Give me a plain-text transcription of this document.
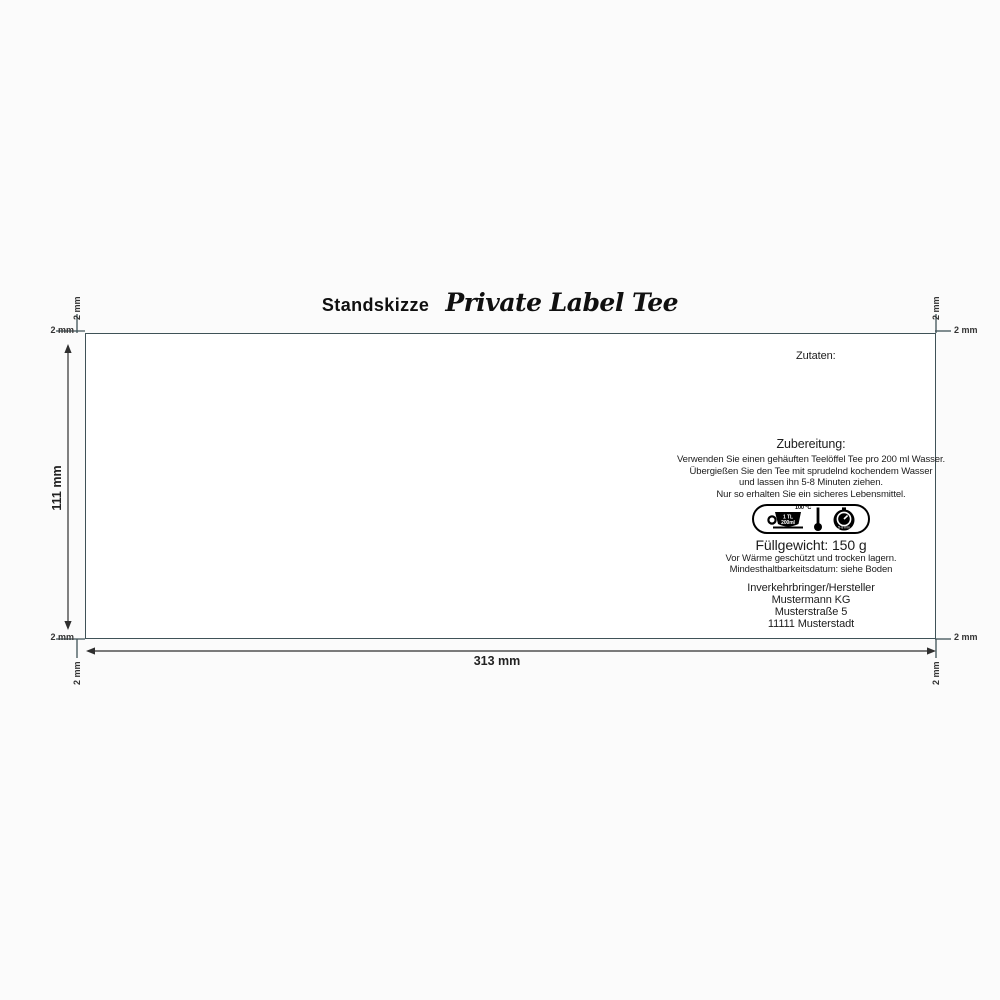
Standskizze Private Label Tee
111 mm
313 mm
2 mm
2 mm
2 mm
2 mm
2 mm
2 mm
2 mm
2 mm
Zutaten:
Zubereitung:
Verwenden Sie einen gehäuften Teelöffel Tee pro 200 ml Wasser.
Übergießen Sie den Tee mit sprudelnd kochendem Wasser
und lassen ihn 5-8 Minuten ziehen.
Nur so erhalten Sie ein sicheres Lebensmittel.
1 TL
200ml
100 °C
5-8 min
Füllgewicht: 150 g
Vor Wärme geschützt und trocken lagern.
Mindesthaltbarkeitsdatum: siehe Boden
Inverkehrbringer/Hersteller
Mustermann KG
Musterstraße 5
11111 Musterstadt
